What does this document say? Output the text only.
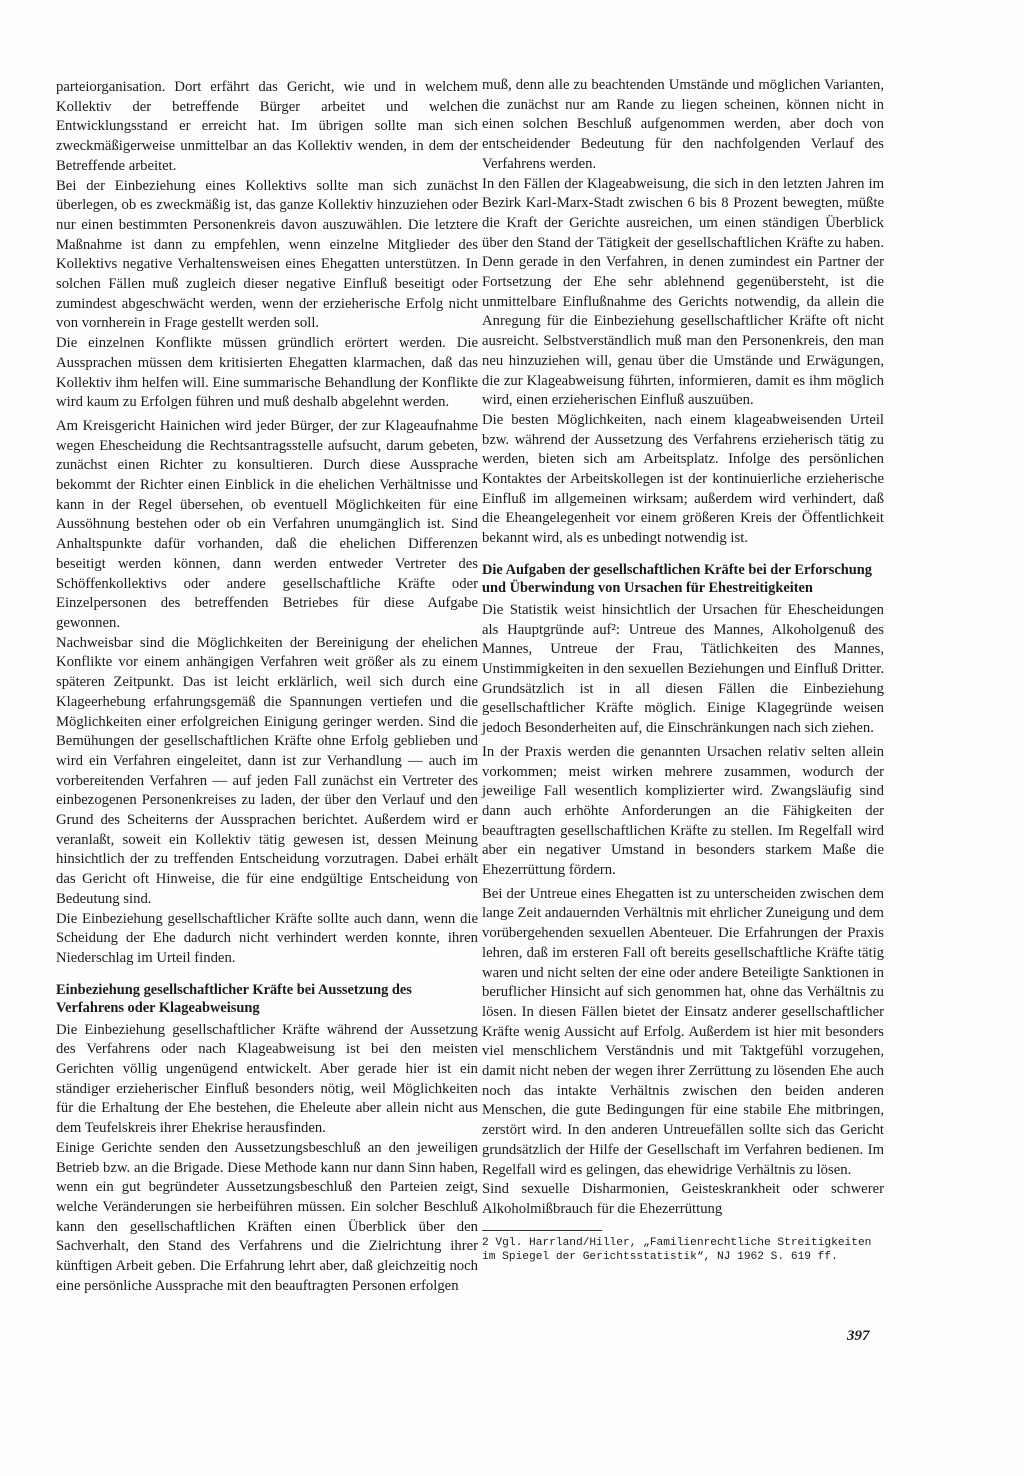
parteiorganisation. Dort erfährt das Gericht, wie und in welchem Kollektiv der betreffende Bürger arbeitet und welchen Entwicklungsstand er erreicht hat. Im übrigen sollte man sich zweckmäßigerweise unmittelbar an das Kollektiv wenden, in dem der Betreffende arbeitet.

Bei der Einbeziehung eines Kollektivs sollte man sich zunächst überlegen, ob es zweckmäßig ist, das ganze Kollektiv hinzuziehen oder nur einen bestimmten Personenkreis davon auszuwählen. Die letztere Maßnahme ist dann zu empfehlen, wenn einzelne Mitglieder des Kollektivs negative Verhaltensweisen eines Ehegatten unterstützen. In solchen Fällen muß zugleich dieser negative Einfluß beseitigt oder zumindest abgeschwächt werden, wenn der erzieherische Erfolg nicht von vornherein in Frage gestellt werden soll.

Die einzelnen Konflikte müssen gründlich erörtert werden. Die Aussprachen müssen dem kritisierten Ehegatten klarmachen, daß das Kollektiv ihm helfen will. Eine summarische Behandlung der Konflikte wird kaum zu Erfolgen führen und muß deshalb abgelehnt werden.

Am Kreisgericht Hainichen wird jeder Bürger, der zur Klageaufnahme wegen Ehescheidung die Rechtsantragsstelle aufsucht, darum gebeten, zunächst einen Richter zu konsultieren. Durch diese Aussprache bekommt der Richter einen Einblick in die ehelichen Verhältnisse und kann in der Regel übersehen, ob eventuell Möglichkeiten für eine Aussöhnung bestehen oder ob ein Verfahren unumgänglich ist. Sind Anhaltspunkte dafür vorhanden, daß die ehelichen Differenzen beseitigt werden können, dann werden entweder Vertreter des Schöffenkollektivs oder andere gesellschaftliche Kräfte oder Einzelpersonen des betreffenden Betriebes für diese Aufgabe gewonnen.

Nachweisbar sind die Möglichkeiten der Bereinigung der ehelichen Konflikte vor einem anhängigen Verfahren weit größer als zu einem späteren Zeitpunkt. Das ist leicht erklärlich, weil sich durch eine Klageerhebung erfahrungsgemäß die Spannungen vertiefen und die Möglichkeiten einer erfolgreichen Einigung geringer werden. Sind die Bemühungen der gesellschaftlichen Kräfte ohne Erfolg geblieben und wird ein Verfahren eingeleitet, dann ist zur Verhandlung — auch im vorbereitenden Verfahren — auf jeden Fall zunächst ein Vertreter des einbezogenen Personenkreises zu laden, der über den Verlauf und den Grund des Scheiterns der Aussprachen berichtet. Außerdem wird er veranlaßt, soweit ein Kollektiv tätig gewesen ist, dessen Meinung hinsichtlich der zu treffenden Entscheidung vorzutragen. Dabei erhält das Gericht oft Hinweise, die für eine endgültige Entscheidung von Bedeutung sind.

Die Einbeziehung gesellschaftlicher Kräfte sollte auch dann, wenn die Scheidung der Ehe dadurch nicht verhindert werden konnte, ihren Niederschlag im Urteil finden.

Einbeziehung gesellschaftlicher Kräfte bei Aussetzung des Verfahrens oder Klageabweisung

Die Einbeziehung gesellschaftlicher Kräfte während der Aussetzung des Verfahrens oder nach Klageabweisung ist bei den meisten Gerichten völlig ungenügend entwickelt. Aber gerade hier ist ein ständiger erzieherischer Einfluß besonders nötig, weil Möglichkeiten für die Erhaltung der Ehe bestehen, die Eheleute aber allein nicht aus dem Teufelskreis ihrer Ehekrise herausfinden.

Einige Gerichte senden den Aussetzungsbeschluß an den jeweiligen Betrieb bzw. an die Brigade. Diese Methode kann nur dann Sinn haben, wenn ein gut begründeter Aussetzungsbeschluß den Parteien zeigt, welche Veränderungen sie herbeiführen müssen. Ein solcher Beschluß kann den gesellschaftlichen Kräften einen Überblick über den Sachverhalt, den Stand des Verfahrens und die Zielrichtung ihrer künftigen Arbeit geben. Die Erfahrung lehrt aber, daß gleichzeitig noch eine persönliche Aussprache mit den beauftragten Personen erfolgen

muß, denn alle zu beachtenden Umstände und möglichen Varianten, die zunächst nur am Rande zu liegen scheinen, können nicht in einen solchen Beschluß aufgenommen werden, aber doch von entscheidender Bedeutung für den nachfolgenden Verlauf des Verfahrens werden.

In den Fällen der Klageabweisung, die sich in den letzten Jahren im Bezirk Karl-Marx-Stadt zwischen 6 bis 8 Prozent bewegten, müßte die Kraft der Gerichte ausreichen, um einen ständigen Überblick über den Stand der Tätigkeit der gesellschaftlichen Kräfte zu haben. Denn gerade in den Verfahren, in denen zumindest ein Partner der Fortsetzung der Ehe sehr ablehnend gegenübersteht, ist die unmittelbare Einflußnahme des Gerichts notwendig, da allein die Anregung für die Einbeziehung gesellschaftlicher Kräfte oft nicht ausreicht. Selbstverständlich muß man den Personenkreis, den man neu hinzuziehen will, genau über die Umstände und Erwägungen, die zur Klageabweisung führten, informieren, damit es ihm möglich wird, einen erzieherischen Einfluß auszuüben.

Die besten Möglichkeiten, nach einem klageabweisenden Urteil bzw. während der Aussetzung des Verfahrens erzieherisch tätig zu werden, bieten sich am Arbeitsplatz. Infolge des persönlichen Kontaktes der Arbeitskollegen ist der kontinuierliche erzieherische Einfluß im allgemeinen wirksam; außerdem wird verhindert, daß die Eheangelegenheit vor einem größeren Kreis der Öffentlichkeit bekannt wird, als es unbedingt notwendig ist.

Die Aufgaben der gesellschaftlichen Kräfte bei der Erforschung und Überwindung von Ursachen für Ehestreitigkeiten

Die Statistik weist hinsichtlich der Ursachen für Ehescheidungen als Hauptgründe auf²: Untreue des Mannes, Alkoholgenuß des Mannes, Untreue der Frau, Tätlichkeiten des Mannes, Unstimmigkeiten in den sexuellen Beziehungen und Einfluß Dritter. Grundsätzlich ist in all diesen Fällen die Einbeziehung gesellschaftlicher Kräfte möglich. Einige Klagegründe weisen jedoch Besonderheiten auf, die Einschränkungen nach sich ziehen.

In der Praxis werden die genannten Ursachen relativ selten allein vorkommen; meist wirken mehrere zusammen, wodurch der jeweilige Fall wesentlich komplizierter wird. Zwangsläufig sind dann auch erhöhte Anforderungen an die Fähigkeiten der beauftragten gesellschaftlichen Kräfte zu stellen. Im Regelfall wird aber ein negativer Umstand in besonders starkem Maße die Ehezerrüttung fördern.

Bei der Untreue eines Ehegatten ist zu unterscheiden zwischen dem lange Zeit andauernden Verhältnis mit ehrlicher Zuneigung und dem vorübergehenden sexuellen Abenteuer. Die Erfahrungen der Praxis lehren, daß im ersteren Fall oft bereits gesellschaftliche Kräfte tätig waren und nicht selten der eine oder andere Beteiligte Sanktionen in beruflicher Hinsicht auf sich genommen hat, ohne das Verhältnis zu lösen. In diesen Fällen bietet der Einsatz anderer gesellschaftlicher Kräfte wenig Aussicht auf Erfolg. Außerdem ist hier mit besonders viel menschlichem Verständnis und mit Taktgefühl vorzugehen, damit nicht neben der wegen ihrer Zerrüttung zu lösenden Ehe auch noch das intakte Verhältnis zwischen den beiden anderen Menschen, die gute Bedingungen für eine stabile Ehe mitbringen, zerstört wird. In den anderen Untreuefällen sollte sich das Gericht grundsätzlich der Hilfe der Gesellschaft im Verfahren bedienen. Im Regelfall wird es gelingen, das ehewidrige Verhältnis zu lösen.

Sind sexuelle Disharmonien, Geisteskrankheit oder schwerer Alkoholmißbrauch für die Ehezerrüttung

2 Vgl. Harrland/Hiller, „Familienrechtliche Streitigkeiten im Spiegel der Gerichtsstatistik“, NJ 1962 S. 619 ff.

397
